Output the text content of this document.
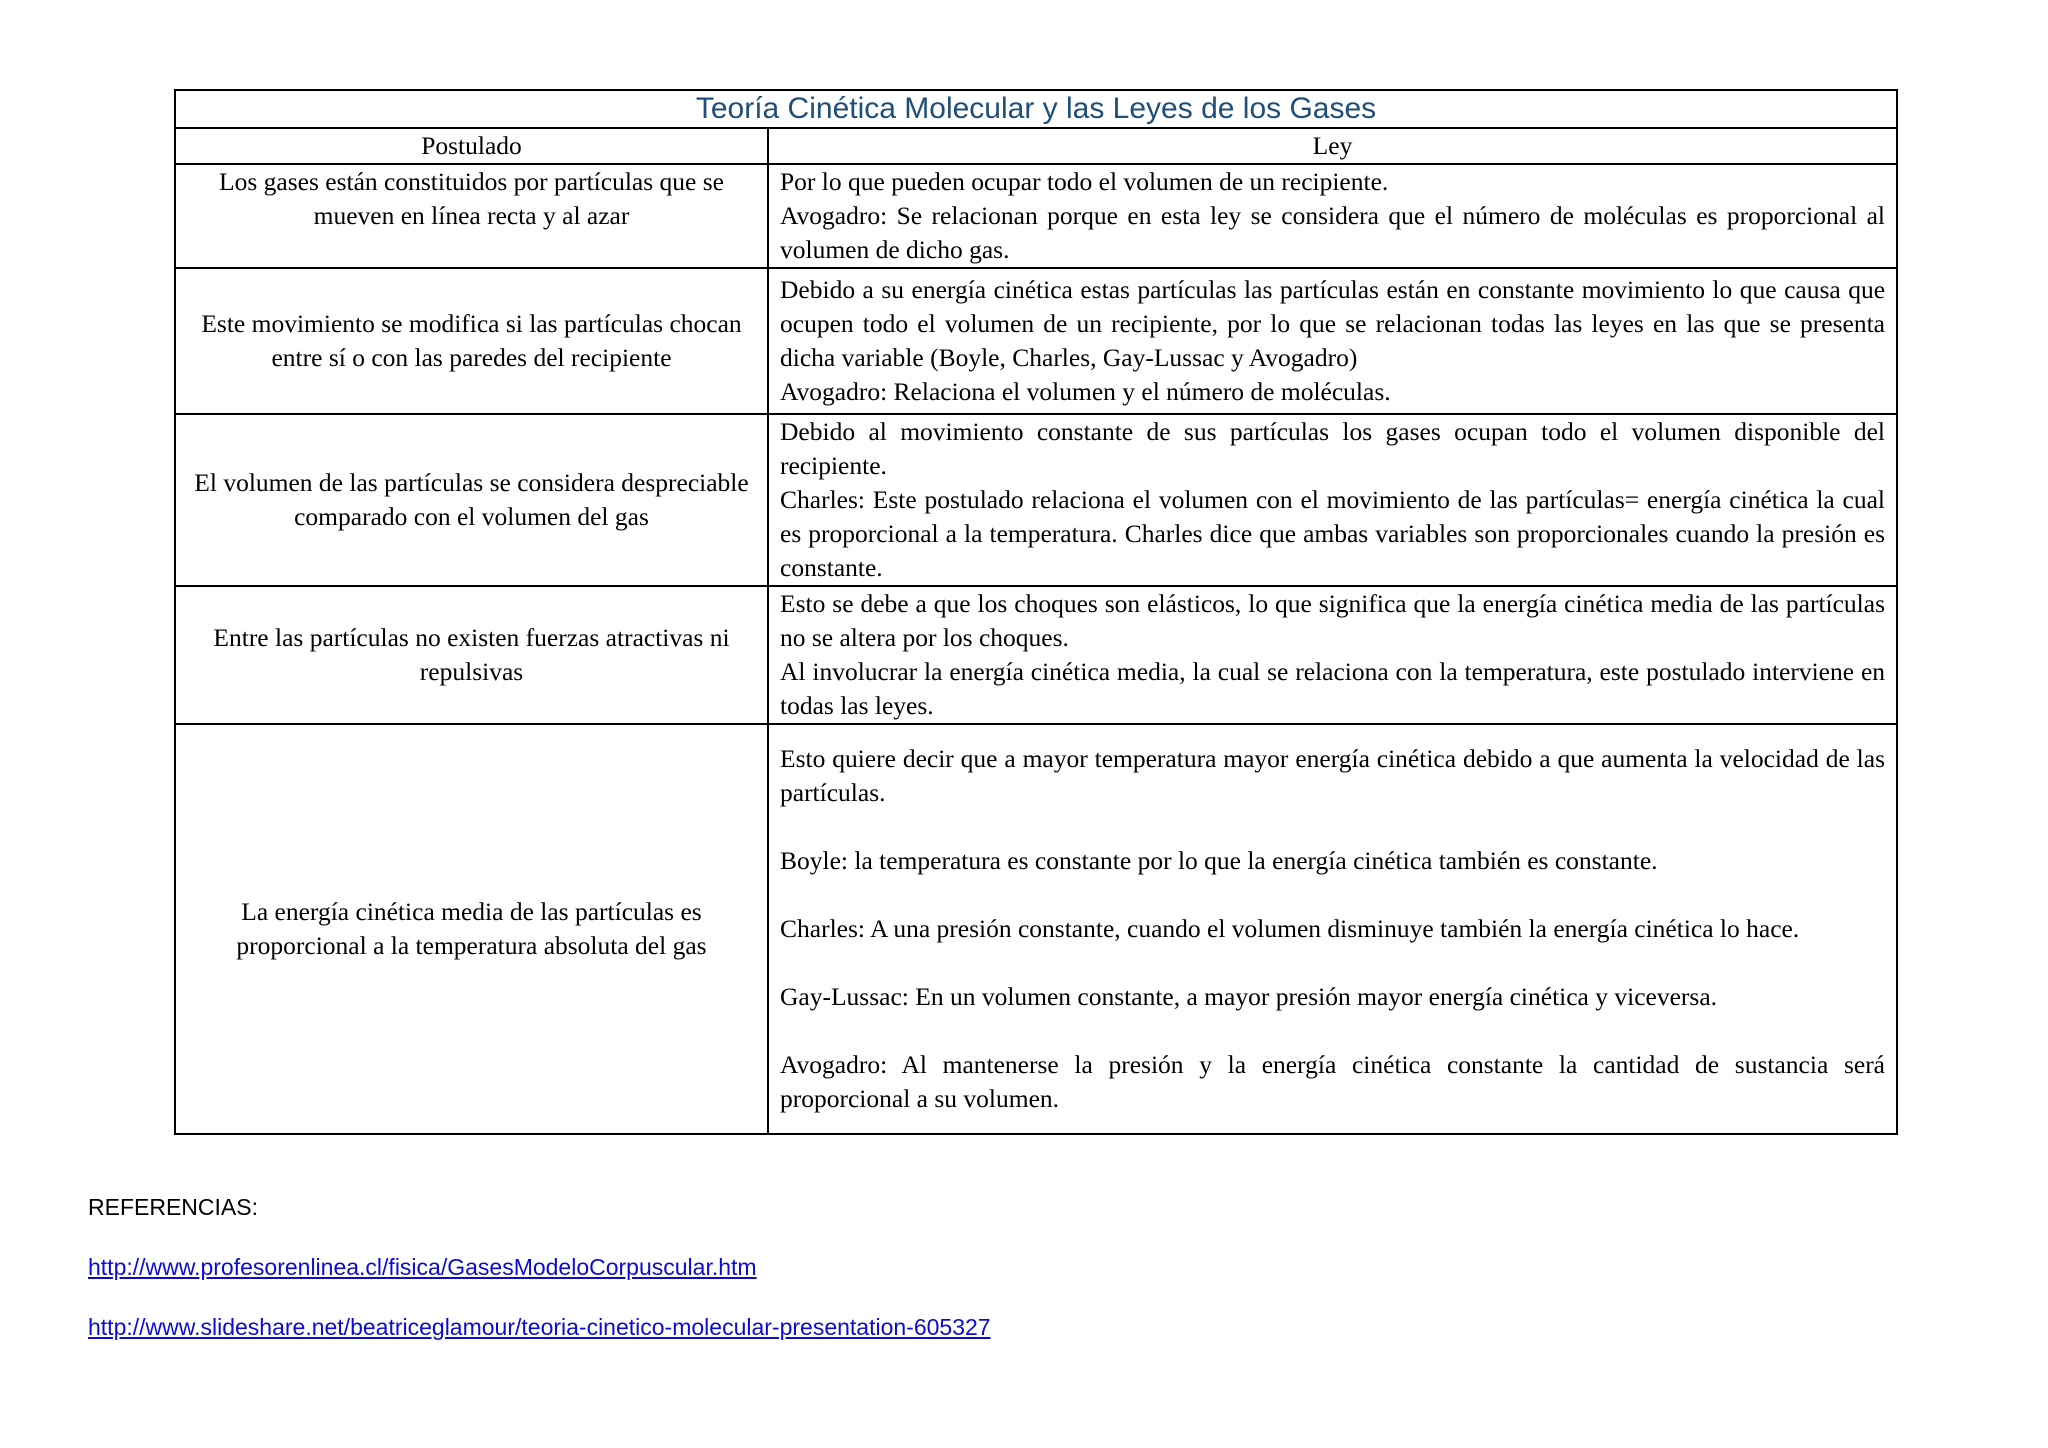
Teoría Cinética Molecular y las Leyes de los Gases	
Postulado	Ley
Los gases están constituidos por partículas que se mueven en línea recta y al azar	Por lo que pueden ocupar todo el volumen de un recipiente.

Avogadro: Se relacionan porque en esta ley se considera que el número de moléculas es proporcional al volumen de dicho gas.

Este movimiento se modifica si las partículas chocan entre sí o con las paredes del recipiente	Debido a su energía cinética estas partículas las partículas están en constante movimiento lo que causa que ocupen todo el volumen de un recipiente, por lo que se relacionan todas las leyes en las que se presenta dicha variable (Boyle, Charles, Gay-Lussac y Avogadro)

Avogadro: Relaciona el volumen y el número de moléculas.

El volumen de las partículas se considera despreciable comparado con el volumen del gas	Debido al movimiento constante de sus partículas los gases ocupan todo el volumen disponible del recipiente.

Charles: Este postulado relaciona el volumen con el movimiento de las partículas= energía cinética la cual es proporcional a la temperatura. Charles dice que ambas variables son proporcionales cuando la presión es constante.

Entre las partículas no existen fuerzas atractivas ni repulsivas	Esto se debe a que los choques son elásticos, lo que significa que la energía cinética media de las partículas no se altera por los choques.

Al involucrar la energía cinética media, la cual se relaciona con la temperatura, este postulado interviene en todas las leyes.

La energía cinética media de las partículas es proporcional a la temperatura absoluta del gas	Esto quiere decir que a mayor temperatura mayor energía cinética debido a que aumenta la velocidad de las partículas.

Boyle: la temperatura es constante por lo que la energía cinética también es constante.

Charles: A una presión constante, cuando el volumen disminuye también la energía cinética lo hace.

Gay-Lussac: En un volumen constante, a mayor presión mayor energía cinética y viceversa.

Avogadro: Al mantenerse la presión y la energía cinética constante la cantidad de sustancia será proporcional a su volumen.

REFERENCIAS:

http://www.profesorenlinea.cl/fisica/GasesModeloCorpuscular.htm
http://www.slideshare.net/beatriceglamour/teoria-cinetico-molecular-presentation-605327
